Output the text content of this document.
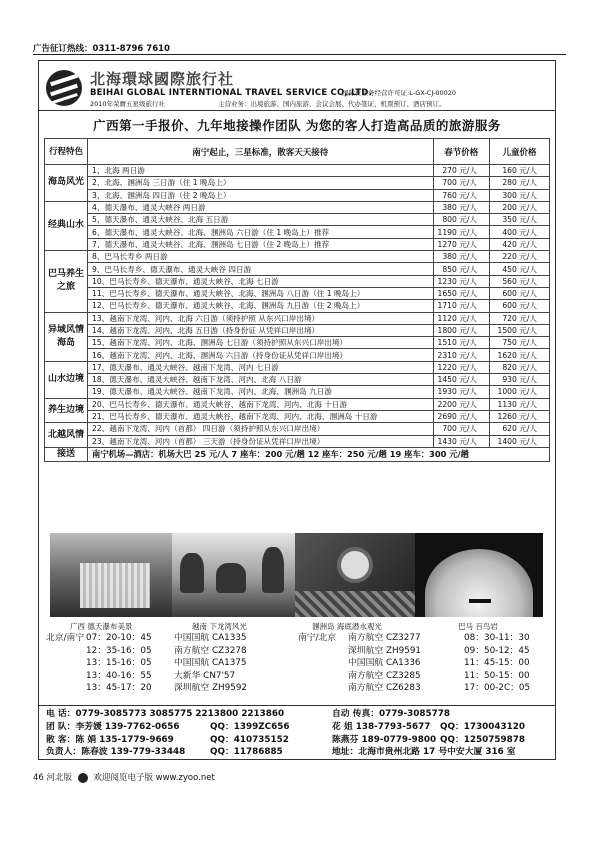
广告征订热线：0311-8796 7610
北海環球國際旅行社
BEIHAI GLOBAL INTERNTIONAL TRAVEL SERVICE CO,.LTD.
国际社业务经营许可证:L-GX-CJ-00020
2010年荣膺五星级旅行社	主营业务：出境旅游、国内旅游、会议会展、代办签证、机票预订、酒店预订。
广西第一手报价、九年地接操作团队 为您的客人打造高品质的旅游服务
行程特色	南宁起止，三星标准，散客天天接待	春节价格	儿童价格
海岛风光	1、北海 两日游	270 元/人	160 元/人
	2、北海、涠洲岛 三日游（住 1 晚岛上）	700 元/人	280 元/人
	3、北海、涠洲岛 四日游（住 2 晚岛上）	760 元/人	300 元/人
经典山水	4、德天瀑布、通灵大峡谷 两日游	380 元/人	200 元/人
	5、德天瀑布、通灵大峡谷、北海 五日游	800 元/人	350 元/人
	6、德天瀑布、通灵大峡谷、北海、涠洲岛 六日游（住 1 晚岛上）推荐	1190 元/人	400 元/人
	7、德天瀑布、通灵大峡谷、北海、涠洲岛 七日游（住 2 晚岛上）推荐	1270 元/人	420 元/人
巴马养生之旅	8、巴马长寿乡 两日游	380 元/人	220 元/人
	9、巴马长寿乡、德天瀑布、通灵大峡谷 四日游	850 元/人	450 元/人
	10、巴马长寿乡、德天瀑布、通灵大峡谷、北海 七日游	1230 元/人	560 元/人
	11、巴马长寿乡、德天瀑布、通灵大峡谷、北海、涠洲岛 八日游（住 1 晚岛上）	1650 元/人	600 元/人
	12、巴马长寿乡、德天瀑布、通灵大峡谷、北海、涠洲岛 九日游（住 2 晚岛上）	1710 元/人	600 元/人
异域风情海岛	13、越南下龙湾、河内、北海 六日游（须持护照 从东兴口岸出境）	1120 元/人	720 元/人
	14、越南下龙湾、河内、北海 五日游（持身份证 从凭祥口岸出境）	1800 元/人	1500 元/人
	15、越南下龙湾、河内、北海、涠洲岛 七日游（须持护照从东兴口岸出境）	1510 元/人	750 元/人
	16、越南下龙湾、河内、北海、涠洲岛 六日游（持身份证从凭祥口岸出境）	2310 元/人	1620 元/人
山水边境	17、德天瀑布、通灵大峡谷、越南下龙湾、河内 七日游	1220 元/人	820 元/人
	18、德天瀑布、通灵大峡谷、越南下龙湾、河内、北海 八日游	1450 元/人	930 元/人
	19、德天瀑布、通灵大峡谷、越南下龙湾、河内、北海、涠洲岛 九日游	1930 元/人	1000 元/人
养生边境	20、巴马长寿乡、德天瀑布、通灵大峡谷、越南下龙湾、河内、北海 十日游	2200 元/人	1130 元/人
	21、巴马长寿乡、德天瀑布、通灵大峡谷、越南下龙湾、河内、北海、涠洲岛 十日游	2690 元/人	1260 元/人
北越风情	22、越南下龙湾、河内（首都） 四日游（须持护照从东兴口岸出境）	700 元/人	620 元/人
	23、越南下龙湾、河内（首都） 三天游（持身份证从凭祥口岸出境）	1430 元/人	1400 元/人
接送	南宁机场—酒店：机场大巴 25 元/人 7 座车：200 元/趟 12 座车：250 元/趟 19 座车：300 元/趟		
广西 德天瀑布美景	越南 下龙湾风光	涠洲岛 海底潜水观光	巴马 百鸟岩
北京/南宁 07：20-10：45	中国国航 CA1335	南宁/北京 南方航空 CZ3277	08：30-11：30
12：35-16：05	南方航空 CZ3278	深圳航空 ZH9591	09：50-12：45
13：15-16：05	中国国航 CA1375	中国国航 CA1336	11：45-15：00
13：40-16：55	大新华 CN7'57	南方航空 CZ3285	11：50-15：00
13：45-17：20	深圳航空 ZH9592	南方航空 CZ6283	17：00-2C：05
电 话：0779-3085773 3085775 2213800 2213860	自动 传真：0779-3085778
团 队：李芳媛 139-7762-0656	QQ：1399ZC656	花 姐 138-7793-5677 QQ：1730043120
散 客：陈 娟 135-1779-9669	QQ：410735152	陈燕芬 189-0779-9800 QQ：1250759878
负责人：陈春波 139-779-33448	QQ：11786885	地址：北海市贵州北路 17 号中安大厦 316 室
46 河北版	欢迎阅览电子版 www.zyoo.net
